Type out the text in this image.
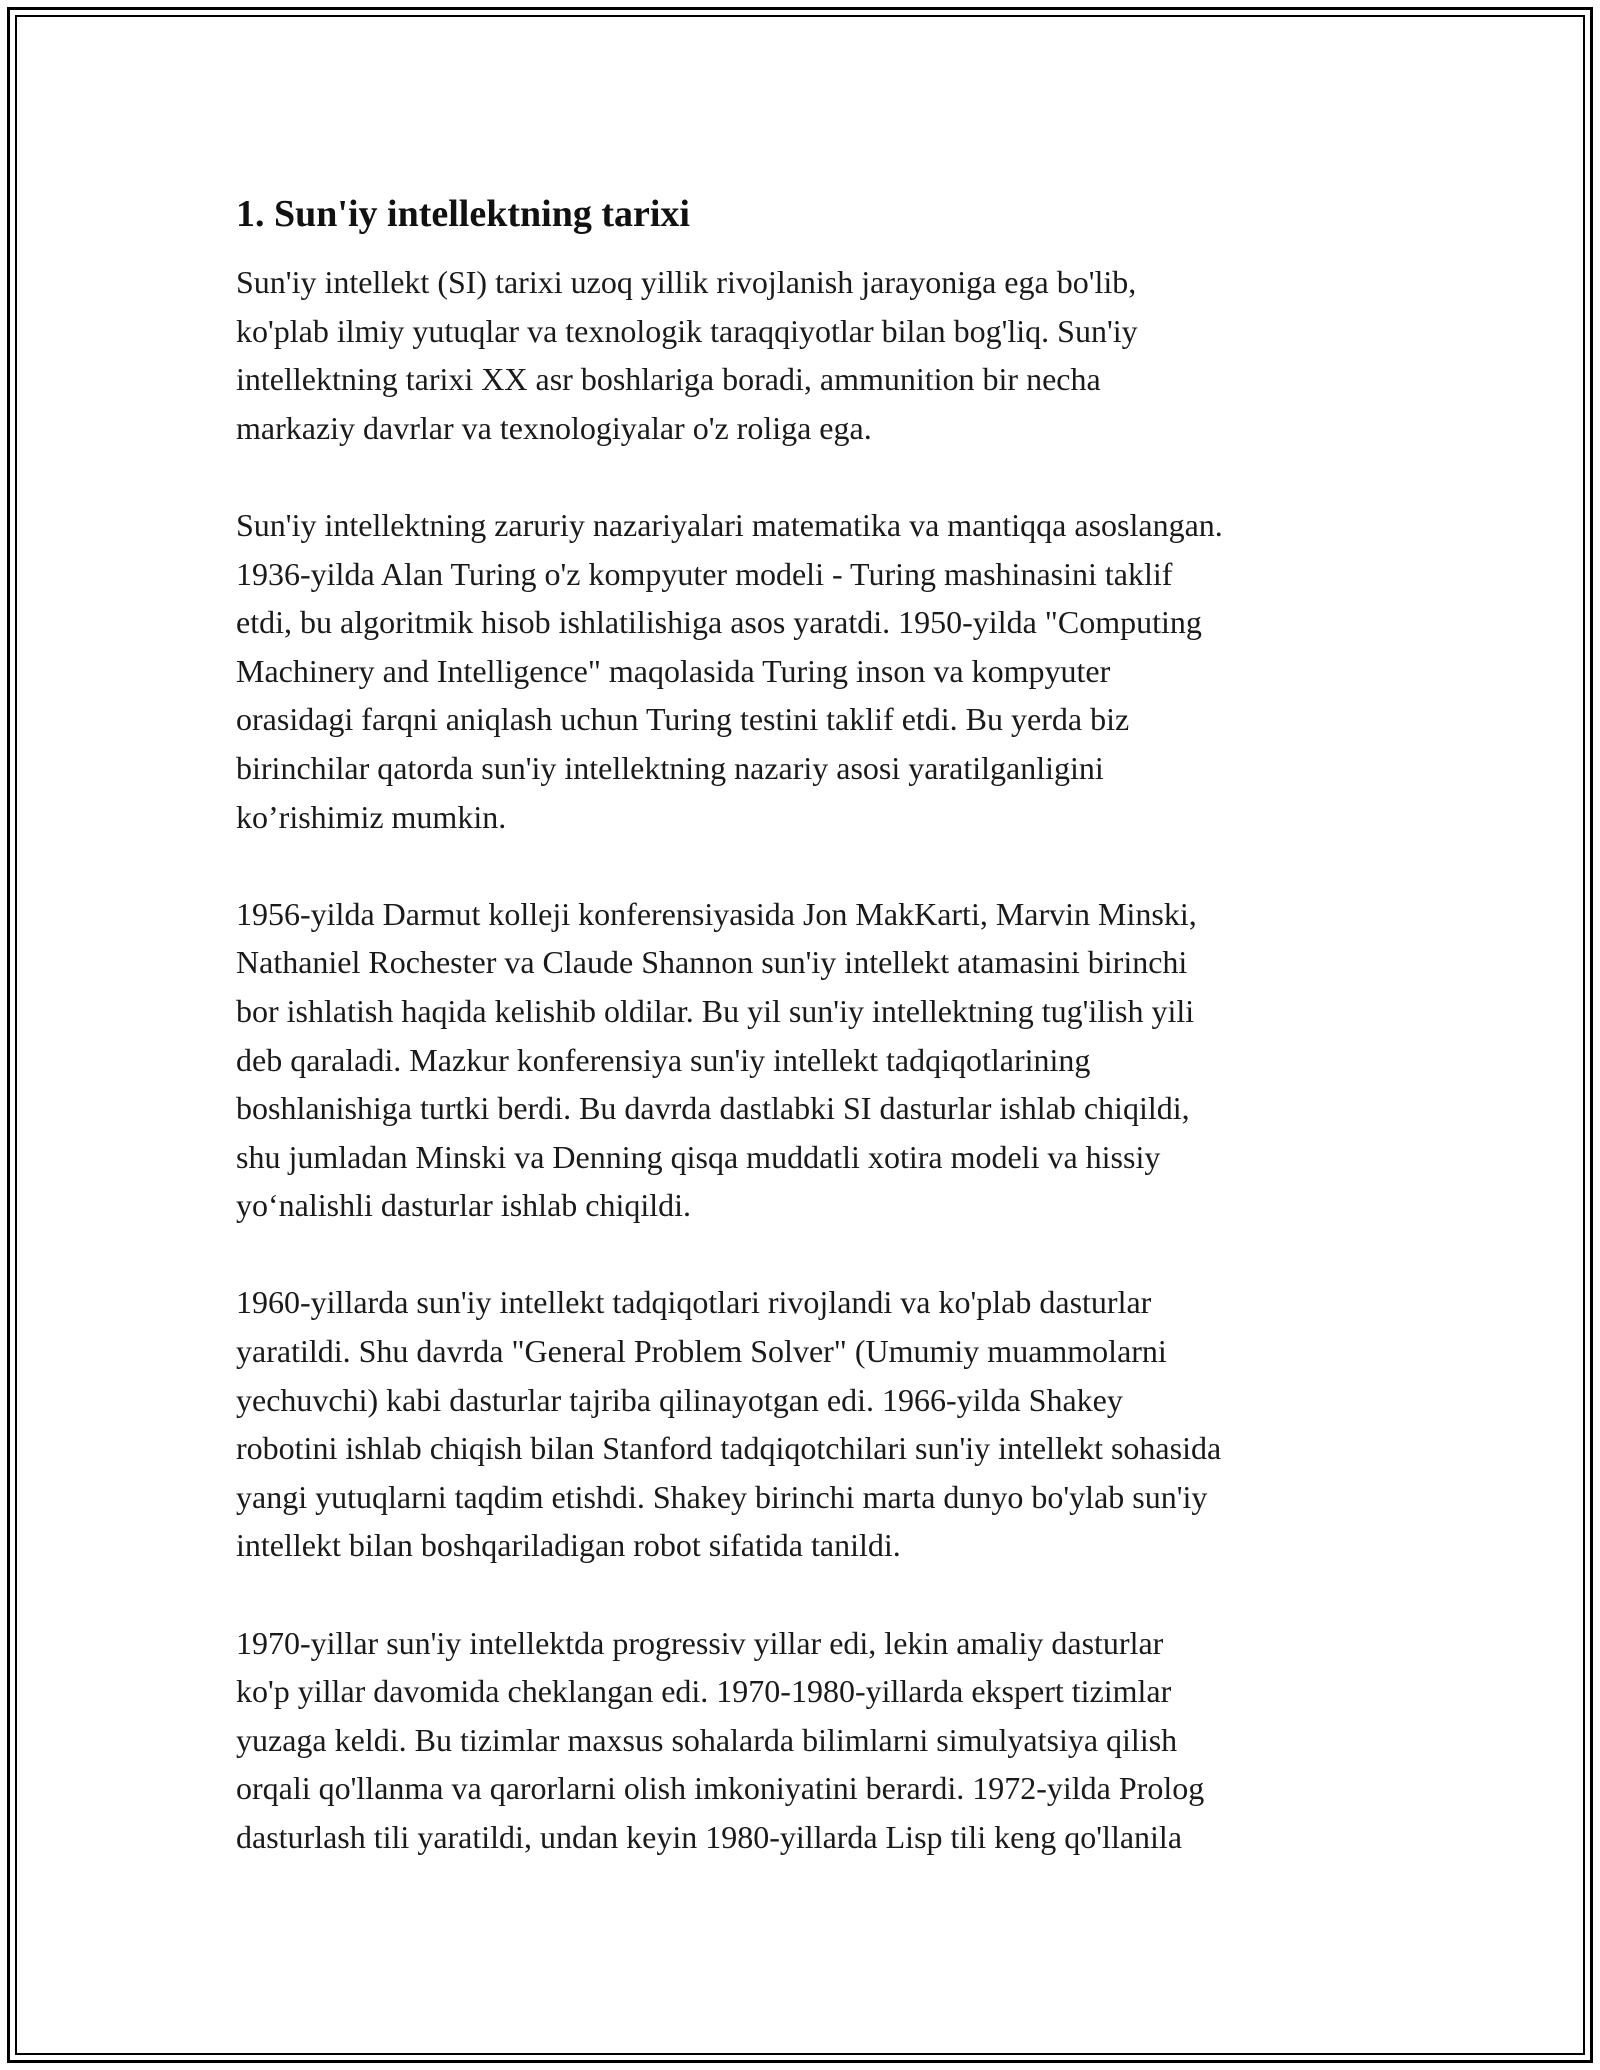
1. Sun'iy intellektning tarixi

Sun'iy intellekt (SI) tarixi uzoq yillik rivojlanish jarayoniga ega bo'lib,
ko'plab ilmiy yutuqlar va texnologik taraqqiyotlar bilan bog'liq. Sun'iy
intellektning tarixi XX asr boshlariga boradi, ammunition bir necha
markaziy davrlar va texnologiyalar o'z roliga ega.

Sun'iy intellektning zaruriy nazariyalari matematika va mantiqqa asoslangan.
1936-yilda Alan Turing o'z kompyuter modeli - Turing mashinasini taklif
etdi, bu algoritmik hisob ishlatilishiga asos yaratdi. 1950-yilda "Computing
Machinery and Intelligence" maqolasida Turing inson va kompyuter
orasidagi farqni aniqlash uchun Turing testini taklif etdi. Bu yerda biz
birinchilar qatorda sun'iy intellektning nazariy asosi yaratilganligini
ko’rishimiz mumkin.

1956-yilda Darmut kolleji konferensiyasida Jon MakKarti, Marvin Minski,
Nathaniel Rochester va Claude Shannon sun'iy intellekt atamasini birinchi
bor ishlatish haqida kelishib oldilar. Bu yil sun'iy intellektning tug'ilish yili
deb qaraladi. Mazkur konferensiya sun'iy intellekt tadqiqotlarining
boshlanishiga turtki berdi. Bu davrda dastlabki SI dasturlar ishlab chiqildi,
shu jumladan Minski va Denning qisqa muddatli xotira modeli va hissiy
yo‘nalishli dasturlar ishlab chiqildi.

1960-yillarda sun'iy intellekt tadqiqotlari rivojlandi va ko'plab dasturlar
yaratildi. Shu davrda "General Problem Solver" (Umumiy muammolarni
yechuvchi) kabi dasturlar tajriba qilinayotgan edi. 1966-yilda Shakey
robotini ishlab chiqish bilan Stanford tadqiqotchilari sun'iy intellekt sohasida
yangi yutuqlarni taqdim etishdi. Shakey birinchi marta dunyo bo'ylab sun'iy
intellekt bilan boshqariladigan robot sifatida tanildi.

1970-yillar sun'iy intellektda progressiv yillar edi, lekin amaliy dasturlar
ko'p yillar davomida cheklangan edi. 1970-1980-yillarda ekspert tizimlar
yuzaga keldi. Bu tizimlar maxsus sohalarda bilimlarni simulyatsiya qilish
orqali qo'llanma va qarorlarni olish imkoniyatini berardi. 1972-yilda Prolog
dasturlash tili yaratildi, undan keyin 1980-yillarda Lisp tili keng qo'llanila
